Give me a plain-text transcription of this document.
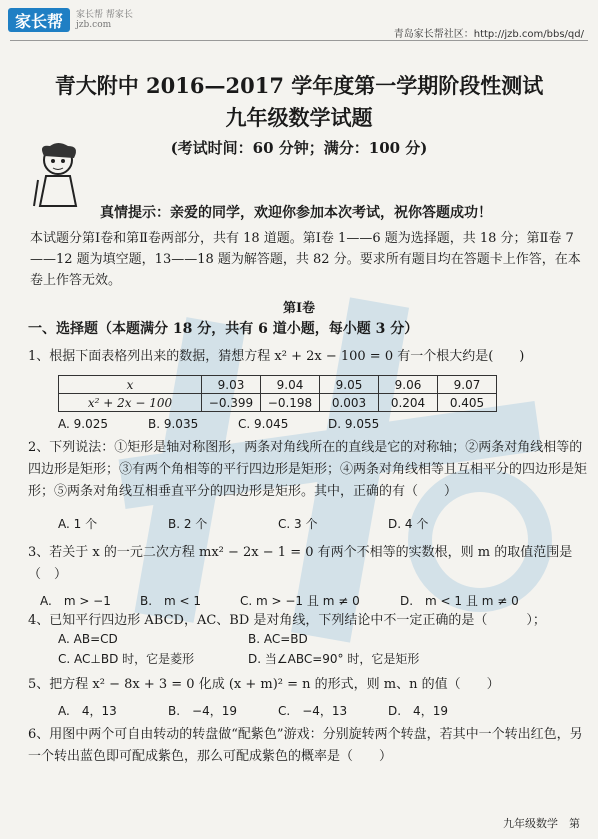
家长帮	家长帮 帮家长
jzb.com
青岛家长帮社区：http://jzb.com/bbs/qd/
青大附中 2016—2017 学年度第一学期阶段性测试
九年级数学试题
(考试时间：60 分钟；满分：100 分)
真情提示：亲爱的同学，欢迎你参加本次考试，祝你答题成功！
本试题分第Ⅰ卷和第Ⅱ卷两部分，共有 18 道题。第Ⅰ卷 1——6 题为选择题，共 18 分；第Ⅱ卷 7——12 题为填空题，13——18 题为解答题，共 82 分。要求所有题目均在答题卡上作答，在本卷上作答无效。
第Ⅰ卷
一、选择题（本题满分 18 分，共有 6 道小题，每小题 3 分）
1、根据下面表格列出来的数据，猜想方程 x² + 2x − 100 = 0 有一个根大约是(　　)
x	9.03	9.04	9.05	9.06	9.07
x² + 2x − 100	−0.399	−0.198	0.003	0.204	0.405
A. 9.025	B. 9.035	C. 9.045	D. 9.055
2、下列说法：①矩形是轴对称图形，两条对角线所在的直线是它的对称轴；②两条对角线相等的四边形是矩形；③有两个角相等的平行四边形是矩形；④两条对角线相等且互相平分的四边形是矩形；⑤两条对角线互相垂直平分的四边形是矩形。其中，正确的有（　　）
A. 1 个	B. 2 个	C. 3 个	D. 4 个
3、若关于 x 的一元二次方程 mx² − 2x − 1 = 0 有两个不相等的实数根，则 m 的取值范围是（　）
A.　m > −1	B.　m < 1	C. m > −1 且 m ≠ 0	D.　m < 1 且 m ≠ 0
4、已知平行四边形 ABCD，AC、BD 是对角线，下列结论中不一定正确的是（　　　）；
A. AB=CD	B. AC=BD
C. AC⊥BD 时，它是菱形	D. 当∠ABC=90° 时，它是矩形
5、把方程 x² − 8x + 3 = 0 化成 (x + m)² = n 的形式，则 m、n 的值（　　）
A.　4，13	B.　−4，19	C.　−4，13	D.　4，19
6、用图中两个可自由转动的转盘做“配紫色”游戏：分别旋转两个转盘，若其中一个转出红色，另一个转出蓝色即可配成紫色，那么可配成紫色的概率是（　　）
九年级数学　第
